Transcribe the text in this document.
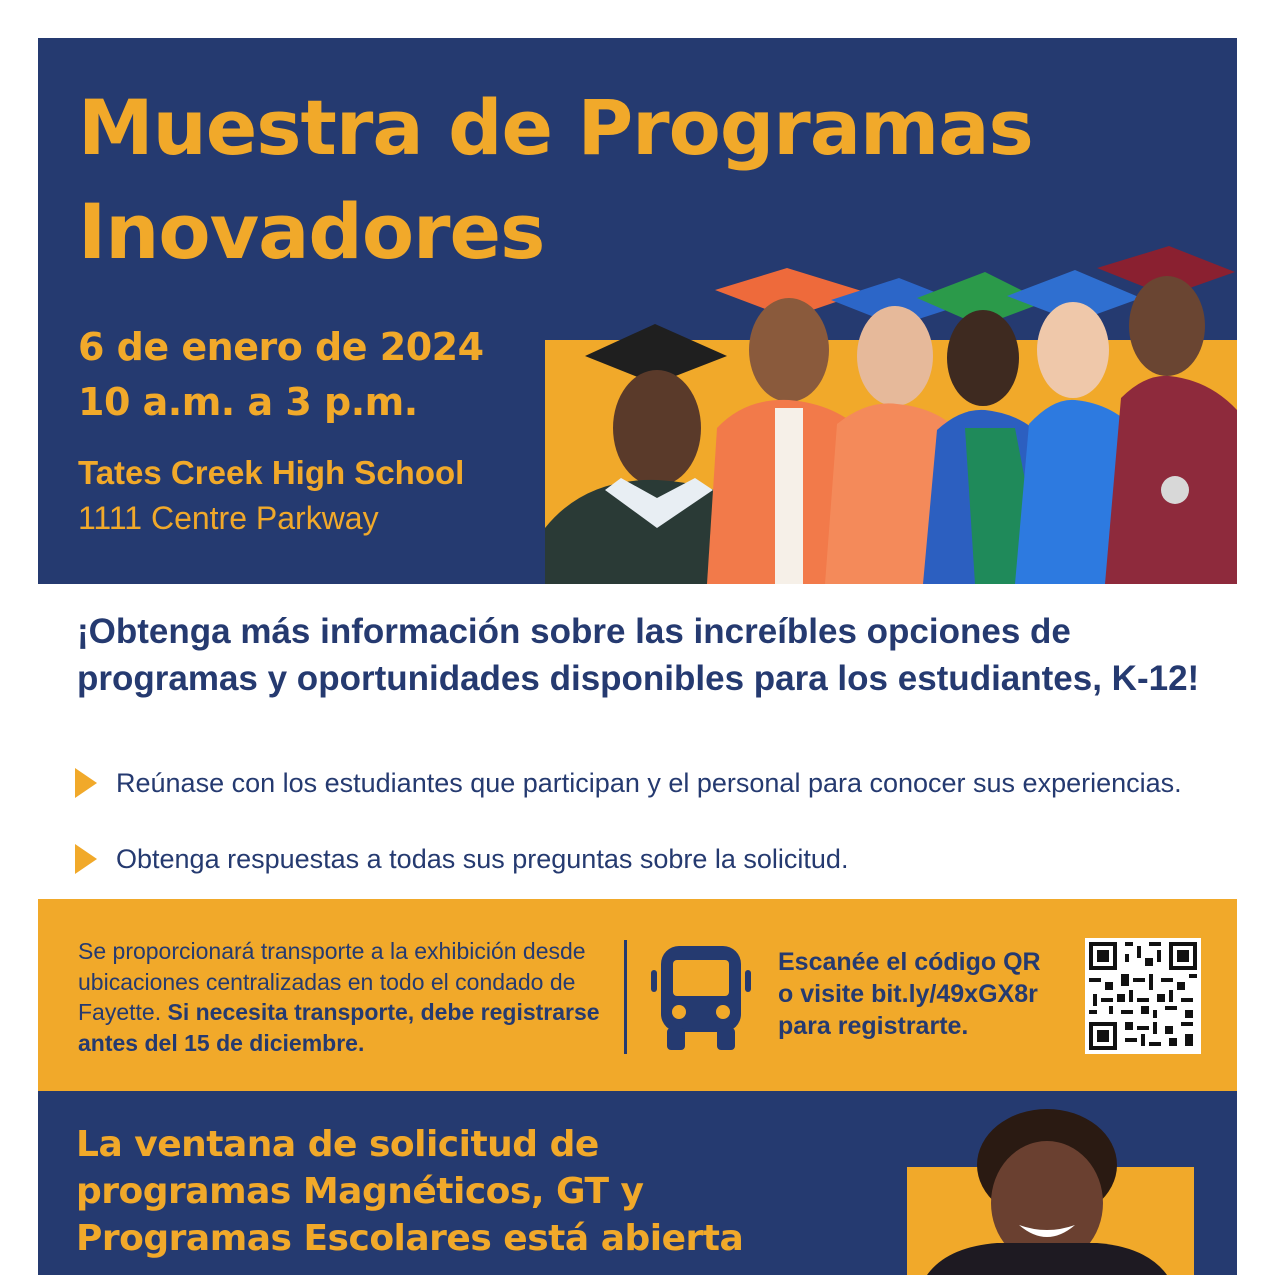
Muestra de Programas Inovadores
6 de enero de 2024
10 a.m. a 3 p.m.
Tates Creek High School
1111 Centre Parkway
¡Obtenga más información sobre las increíbles opciones de programas y oportunidades disponibles para los estudiantes, K-12!
Reúnase con los estudiantes que participan y el personal para conocer sus experiencias.
Obtenga respuestas a todas sus preguntas sobre la solicitud.
Se proporcionará transporte a la exhibición desde ubicaciones centralizadas en todo el condado de Fayette. Si necesita transporte, debe registrarse antes del 15 de diciembre.
Escanée el código QR
o visite bit.ly/49xGX8r
para registrarte.
La ventana de solicitud de programas Magnéticos, GT y Programas Escolares está abierta
